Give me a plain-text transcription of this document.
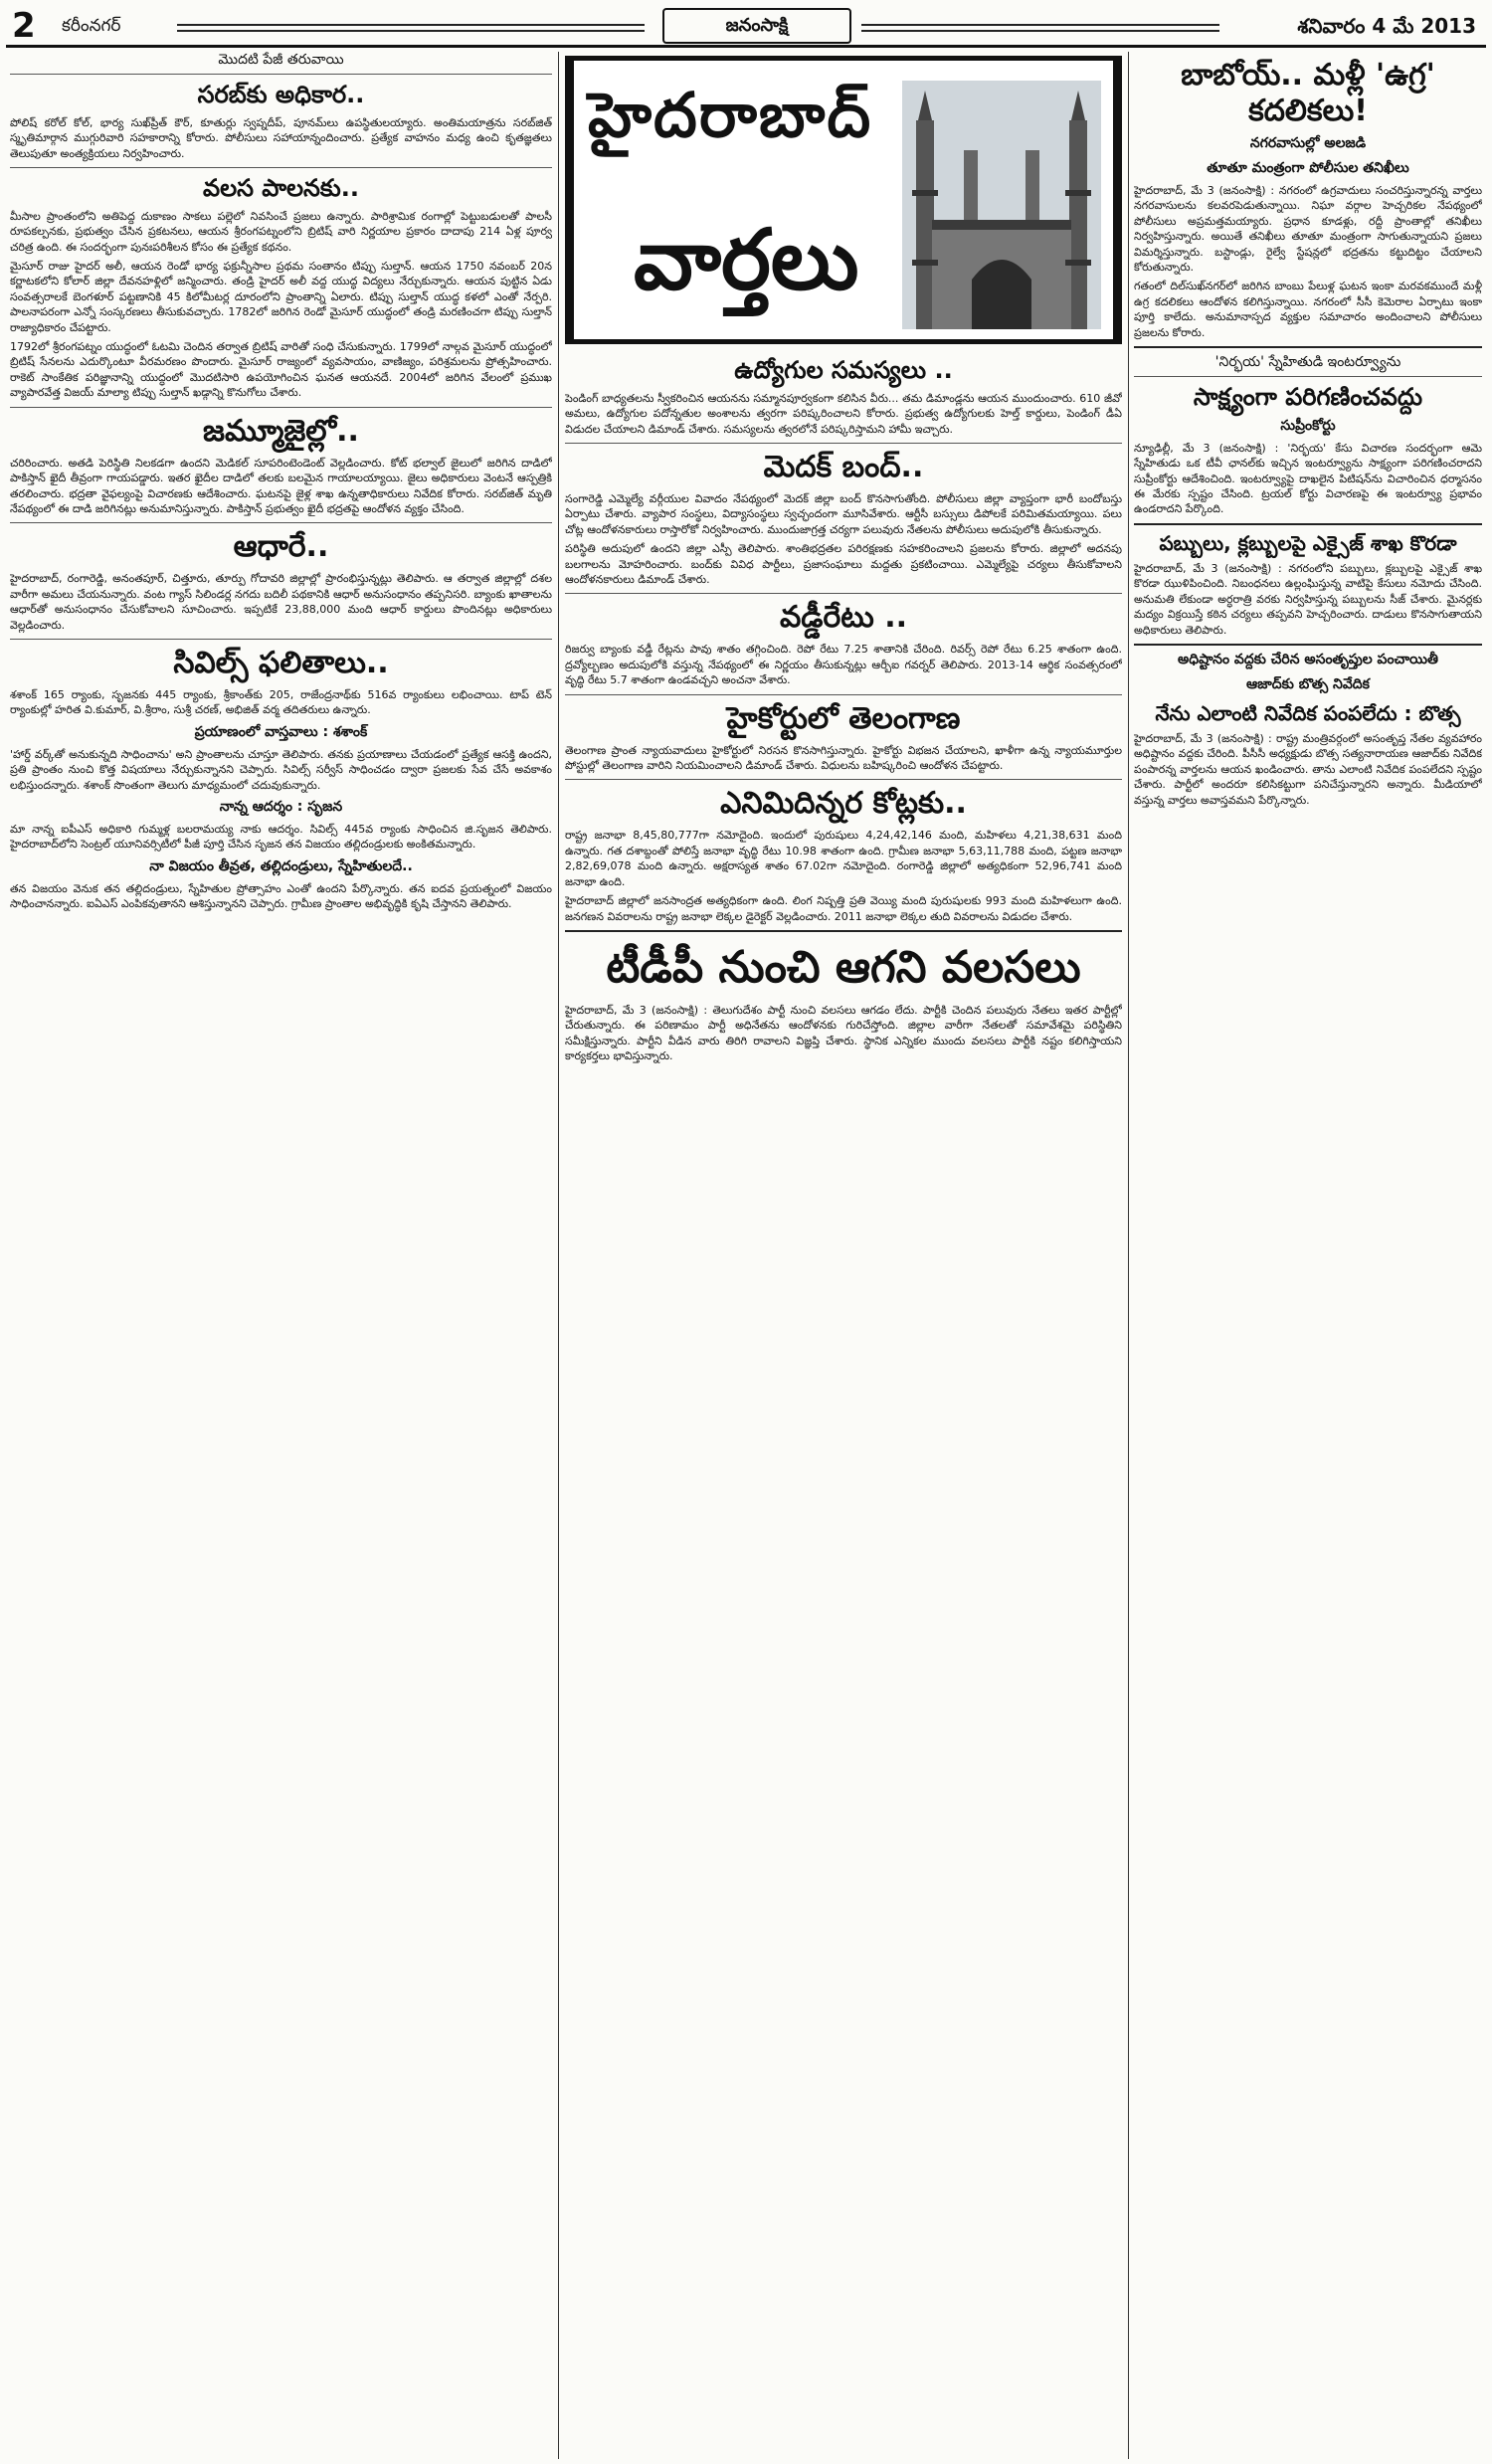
2 కరీంనగర్	జనంసాక్షి	శనివారం 4 మే 2013
మొదటి పేజీ తరువాయి
సరబ్‌కు అధికార..

పోలిష్ కరోల్ కోల్, భార్య సుఖ్‌ప్రీత్ కౌర్, కూతుర్లు స్వప్నదీప్, పూనమ్‌లు ఉపస్థితులయ్యారు. అంతిమయాత్రను సరబ్‌జిత్ స్మృతిమార్గాన ముగ్గురివారి సహకారాన్ని కోరారు. పోలీసులు సహాయాన్నందించారు. ప్రత్యేక వాహనం మధ్య ఉంచి కృతజ్ఞతలు తెలుపుతూ అంత్యక్రియలు నిర్వహించారు.

వలస పాలనకు..

మీసాల ప్రాంతంలోని అతిపెద్ద దుకాణం సాకలు పల్లెలో నివసించే ప్రజలు ఉన్నారు. పారిశ్రామిక రంగాల్లో పెట్టుబడులతో పాలసీ రూపకల్పనకు, ప్రభుత్వం చేసిన ప్రకటనలు, ఆయన శ్రీరంగపట్నంలోని బ్రిటిష్ వారి నిర్ణయాల ప్రకారం దాదాపు 214 ఏళ్ల పూర్వ చరిత్ర ఉంది. ఈ సందర్భంగా పునఃపరిశీలన కోసం ఈ ప్రత్యేక కథనం.

మైసూర్ రాజు హైదర్ అలీ, ఆయన రెండో భార్య ఫక్రున్నీసాల ప్రథమ సంతానం టిప్పు సుల్తాన్. ఆయన 1750 నవంబర్ 20న కర్ణాటకలోని కోలార్ జిల్లా దేవనహళ్లిలో జన్మించారు. తండ్రి హైదర్ అలీ వద్ద యుద్ధ విద్యలు నేర్చుకున్నారు. ఆయన పుట్టిన ఏడు సంవత్సరాలకే బెంగళూర్ పట్టణానికి 45 కిలోమీటర్ల దూరంలోని ప్రాంతాన్ని ఏలారు. టిప్పు సుల్తాన్ యుద్ధ కళలో ఎంతో నేర్పరి. పాలనాపరంగా ఎన్నో సంస్కరణలు తీసుకువచ్చారు. 1782లో జరిగిన రెండో మైసూర్ యుద్ధంలో తండ్రి మరణించగా టిప్పు సుల్తాన్ రాజ్యాధికారం చేపట్టారు.

1792లో శ్రీరంగపట్నం యుద్ధంలో ఓటమి చెందిన తర్వాత బ్రిటిష్ వారితో సంధి చేసుకున్నారు. 1799లో నాల్గవ మైసూర్ యుద్ధంలో బ్రిటిష్ సేనలను ఎదుర్కొంటూ వీరమరణం పొందారు. మైసూర్ రాజ్యంలో వ్యవసాయం, వాణిజ్యం, పరిశ్రమలను ప్రోత్సహించారు. రాకెట్ సాంకేతిక పరిజ్ఞానాన్ని యుద్ధంలో మొదటిసారి ఉపయోగించిన ఘనత ఆయనదే. 2004లో జరిగిన వేలంలో ప్రముఖ వ్యాపారవేత్త విజయ్ మాల్యా టిప్పు సుల్తాన్ ఖడ్గాన్ని కొనుగోలు చేశారు.

జమ్మూజైల్లో..

చరిరించారు. అతడి పెరిస్థితి నిలకడగా ఉందని మెడికల్ సూపరింటెండెంట్ వెల్లడించారు. కోట్ భల్వాల్ జైలులో జరిగిన దాడిలో పాకిస్తాన్ ఖైదీ తీవ్రంగా గాయపడ్డారు. ఇతర ఖైదీల దాడిలో తలకు బలమైన గాయాలయ్యాయి. జైలు అధికారులు వెంటనే ఆస్పత్రికి తరలించారు. భద్రతా వైఫల్యంపై విచారణకు ఆదేశించారు. ఘటనపై జైళ్ల శాఖ ఉన్నతాధికారులు నివేదిక కోరారు. సరబ్‌జిత్ మృతి నేపథ్యంలో ఈ దాడి జరిగినట్లు అనుమానిస్తున్నారు. పాకిస్తాన్ ప్రభుత్వం ఖైదీ భద్రతపై ఆందోళన వ్యక్తం చేసింది.

ఆధారే..

హైదరాబాద్, రంగారెడ్డి, అనంతపూర్, చిత్తూరు, తూర్పు గోదావరి జిల్లాల్లో ప్రారంభిస్తున్నట్లు తెలిపారు. ఆ తర్వాత జిల్లాల్లో దశల వారీగా అమలు చేయనున్నారు. వంట గ్యాస్ సిలిండర్ల నగదు బదిలీ పథకానికి ఆధార్ అనుసంధానం తప్పనిసరి. బ్యాంకు ఖాతాలను ఆధార్‌తో అనుసంధానం చేసుకోవాలని సూచించారు. ఇప్పటికే 23,88,000 మంది ఆధార్ కార్డులు పొందినట్లు అధికారులు వెల్లడించారు.

సివిల్స్ ఫలితాలు..

శశాంక్ 165 ర్యాంకు, సృజనకు 445 ర్యాంకు, శ్రీకాంత్‌కు 205, రాజేంద్రనాథ్‌కు 516వ ర్యాంకులు లభించాయి. టాప్ టెన్ ర్యాంకుల్లో హరిత వి.కుమార్, వి.శ్రీరాం, సుశ్రీ చరణ్, అభిజిత్ వర్మ తదితరులు ఉన్నారు.

ప్రయాణంలో వాస్తవాలు : శశాంక్

'హార్డ్ వర్క్‌తో అనుకున్నది సాధించాను' అని ప్రాంతాలను చూస్తూ తెలిపారు. తనకు ప్రయాణాలు చేయడంలో ప్రత్యేక ఆసక్తి ఉందని, ప్రతి ప్రాంతం నుంచి కొత్త విషయాలు నేర్చుకున్నానని చెప్పారు. సివిల్స్ సర్వీస్ సాధించడం ద్వారా ప్రజలకు సేవ చేసే అవకాశం లభిస్తుందన్నారు. శశాంక్ సొంతంగా తెలుగు మాధ్యమంలో చదువుకున్నారు.

నాన్న ఆదర్శం : సృజన

మా నాన్న ఐపీఎస్ అధికారి గుమ్మళ్ల బలరామయ్య నాకు ఆదర్శం. సివిల్స్ 445వ ర్యాంకు సాధించిన జి.సృజన తెలిపారు. హైదరాబాద్‌లోని సెంట్రల్ యూనివర్సిటీలో పీజీ పూర్తి చేసిన సృజన తన విజయం తల్లిదండ్రులకు అంకితమన్నారు.

నా విజయం తీవ్రత, తల్లిదండ్రులు, స్నేహితులదే..

తన విజయం వెనుక తన తల్లిదండ్రులు, స్నేహితుల ప్రోత్సాహం ఎంతో ఉందని పేర్కొన్నారు. తన ఐదవ ప్రయత్నంలో విజయం సాధించానన్నారు. ఐఏఎస్ ఎంపికవుతానని ఆశిస్తున్నానని చెప్పారు. గ్రామీణ ప్రాంతాల అభివృద్ధికి కృషి చేస్తానని తెలిపారు.

హైదరాబాద్
వార్తలు
ఉద్యోగుల సమస్యలు ..

పెండింగ్ బాధ్యతలను స్వీకరించిన ఆయనను సమ్మానపూర్వకంగా కలిసిన వీరు... తమ డిమాండ్లను ఆయన ముందుంచారు. 610 జీవో అమలు, ఉద్యోగుల పదోన్నతుల అంశాలను త్వరగా పరిష్కరించాలని కోరారు. ప్రభుత్వ ఉద్యోగులకు హెల్త్ కార్డులు, పెండింగ్ డీఏ విడుదల చేయాలని డిమాండ్ చేశారు. సమస్యలను త్వరలోనే పరిష్కరిస్తామని హామీ ఇచ్చారు.

మెదక్ బంద్..

సంగారెడ్డి ఎమ్మెల్యే వర్గీయుల వివాదం నేపథ్యంలో మెదక్ జిల్లా బంద్ కొనసాగుతోంది. పోలీసులు జిల్లా వ్యాప్తంగా భారీ బందోబస్తు ఏర్పాటు చేశారు. వ్యాపార సంస్థలు, విద్యాసంస్థలు స్వచ్ఛందంగా మూసివేశారు. ఆర్టీసీ బస్సులు డిపోలకే పరిమితమయ్యాయి. పలు చోట్ల ఆందోళనకారులు రాస్తారోకో నిర్వహించారు. ముందుజాగ్రత్త చర్యగా పలువురు నేతలను పోలీసులు అదుపులోకి తీసుకున్నారు.

పరిస్థితి అదుపులో ఉందని జిల్లా ఎస్పీ తెలిపారు. శాంతిభద్రతల పరిరక్షణకు సహకరించాలని ప్రజలను కోరారు. జిల్లాలో అదనపు బలగాలను మోహరించారు. బంద్‌కు వివిధ పార్టీలు, ప్రజాసంఘాలు మద్దతు ప్రకటించాయి. ఎమ్మెల్యేపై చర్యలు తీసుకోవాలని ఆందోళనకారులు డిమాండ్ చేశారు.

వడ్డీరేటు ..

రిజర్వు బ్యాంకు వడ్డీ రేట్లను పావు శాతం తగ్గించింది. రెపో రేటు 7.25 శాతానికి చేరింది. రివర్స్ రెపో రేటు 6.25 శాతంగా ఉంది. ద్రవ్యోల్బణం అదుపులోకి వస్తున్న నేపథ్యంలో ఈ నిర్ణయం తీసుకున్నట్లు ఆర్బీఐ గవర్నర్ తెలిపారు. 2013-14 ఆర్థిక సంవత్సరంలో వృద్ధి రేటు 5.7 శాతంగా ఉండవచ్చని అంచనా వేశారు.

హైకోర్టులో తెలంగాణ

తెలంగాణ ప్రాంత న్యాయవాదులు హైకోర్టులో నిరసన కొనసాగిస్తున్నారు. హైకోర్టు విభజన చేయాలని, ఖాళీగా ఉన్న న్యాయమూర్తుల పోస్టుల్లో తెలంగాణ వారిని నియమించాలని డిమాండ్ చేశారు. విధులను బహిష్కరించి ఆందోళన చేపట్టారు.

ఎనిమిదిన్నర కోట్లకు..

రాష్ట్ర జనాభా 8,45,80,777గా నమోదైంది. ఇందులో పురుషులు 4,24,42,146 మంది, మహిళలు 4,21,38,631 మంది ఉన్నారు. గత దశాబ్దంతో పోలిస్తే జనాభా వృద్ధి రేటు 10.98 శాతంగా ఉంది. గ్రామీణ జనాభా 5,63,11,788 మంది, పట్టణ జనాభా 2,82,69,078 మంది ఉన్నారు. అక్షరాస్యత శాతం 67.02గా నమోదైంది. రంగారెడ్డి జిల్లాలో అత్యధికంగా 52,96,741 మంది జనాభా ఉంది.

హైదరాబాద్ జిల్లాలో జనసాంద్రత అత్యధికంగా ఉంది. లింగ నిష్పత్తి ప్రతి వెయ్యి మంది పురుషులకు 993 మంది మహిళలుగా ఉంది. జనగణన వివరాలను రాష్ట్ర జనాభా లెక్కల డైరెక్టర్ వెల్లడించారు. 2011 జనాభా లెక్కల తుది వివరాలను విడుదల చేశారు.

టీడీపీ నుంచి ఆగని వలసలు

హైదరాబాద్, మే 3 (జనంసాక్షి) : తెలుగుదేశం పార్టీ నుంచి వలసలు ఆగడం లేదు. పార్టీకి చెందిన పలువురు నేతలు ఇతర పార్టీల్లో చేరుతున్నారు. ఈ పరిణామం పార్టీ అధినేతను ఆందోళనకు గురిచేస్తోంది. జిల్లాల వారీగా నేతలతో సమావేశమై పరిస్థితిని సమీక్షిస్తున్నారు. పార్టీని వీడిన వారు తిరిగి రావాలని విజ్ఞప్తి చేశారు. స్థానిక ఎన్నికల ముందు వలసలు పార్టీకి నష్టం కలిగిస్తాయని కార్యకర్తలు భావిస్తున్నారు.

బాబోయ్.. మళ్లీ 'ఉగ్ర' కదలికలు!
నగరవాసుల్లో అలజడి
తూతూ మంత్రంగా పోలీసుల తనిఖీలు

హైదరాబాద్, మే 3 (జనంసాక్షి) : నగరంలో ఉగ్రవాదులు సంచరిస్తున్నారన్న వార్తలు నగరవాసులను కలవరపెడుతున్నాయి. నిఘా వర్గాల హెచ్చరికల నేపథ్యంలో పోలీసులు అప్రమత్తమయ్యారు. ప్రధాన కూడళ్లు, రద్దీ ప్రాంతాల్లో తనిఖీలు నిర్వహిస్తున్నారు. అయితే తనిఖీలు తూతూ మంత్రంగా సాగుతున్నాయని ప్రజలు విమర్శిస్తున్నారు. బస్టాండ్లు, రైల్వే స్టేషన్లలో భద్రతను కట్టుదిట్టం చేయాలని కోరుతున్నారు.

గతంలో దిల్‌సుఖ్‌నగర్‌లో జరిగిన బాంబు పేలుళ్ల ఘటన ఇంకా మరవకముందే మళ్లీ ఉగ్ర కదలికలు ఆందోళన కలిగిస్తున్నాయి. నగరంలో సీసీ కెమెరాల ఏర్పాటు ఇంకా పూర్తి కాలేదు. అనుమానాస్పద వ్యక్తుల సమాచారం అందించాలని పోలీసులు ప్రజలను కోరారు.

'నిర్భయ' స్నేహితుడి ఇంటర్వ్యూను
సాక్ష్యంగా పరిగణించవద్దు
సుప్రీంకోర్టు

న్యూఢిల్లీ, మే 3 (జనంసాక్షి) : 'నిర్భయ' కేసు విచారణ సందర్భంగా ఆమె స్నేహితుడు ఒక టీవీ ఛానల్‌కు ఇచ్చిన ఇంటర్వ్యూను సాక్ష్యంగా పరిగణించరాదని సుప్రీంకోర్టు ఆదేశించింది. ఇంటర్వ్యూపై దాఖలైన పిటిషన్‌ను విచారించిన ధర్మాసనం ఈ మేరకు స్పష్టం చేసింది. ట్రయల్ కోర్టు విచారణపై ఈ ఇంటర్వ్యూ ప్రభావం ఉండరాదని పేర్కొంది.

పబ్బులు, క్లబ్బులపై ఎక్సైజ్ శాఖ కొరడా

హైదరాబాద్, మే 3 (జనంసాక్షి) : నగరంలోని పబ్బులు, క్లబ్బులపై ఎక్సైజ్ శాఖ కొరడా ఝుళిపించింది. నిబంధనలు ఉల్లంఘిస్తున్న వాటిపై కేసులు నమోదు చేసింది. అనుమతి లేకుండా అర్ధరాత్రి వరకు నిర్వహిస్తున్న పబ్బులను సీజ్ చేశారు. మైనర్లకు మద్యం విక్రయిస్తే కఠిన చర్యలు తప్పవని హెచ్చరించారు. దాడులు కొనసాగుతాయని అధికారులు తెలిపారు.

అధిష్టానం వద్దకు చేరిన అసంతృప్తుల పంచాయితీ
ఆజాద్‌కు బొత్స నివేదిక
నేను ఎలాంటి నివేదిక పంపలేదు : బొత్స

హైదరాబాద్, మే 3 (జనంసాక్షి) : రాష్ట్ర మంత్రివర్గంలో అసంతృప్త నేతల వ్యవహారం అధిష్టానం వద్దకు చేరింది. పీసీసీ అధ్యక్షుడు బొత్స సత్యనారాయణ ఆజాద్‌కు నివేదిక పంపారన్న వార్తలను ఆయన ఖండించారు. తాను ఎలాంటి నివేదిక పంపలేదని స్పష్టం చేశారు. పార్టీలో అందరూ కలిసికట్టుగా పనిచేస్తున్నారని అన్నారు. మీడియాలో వస్తున్న వార్తలు అవాస్తవమని పేర్కొన్నారు.
